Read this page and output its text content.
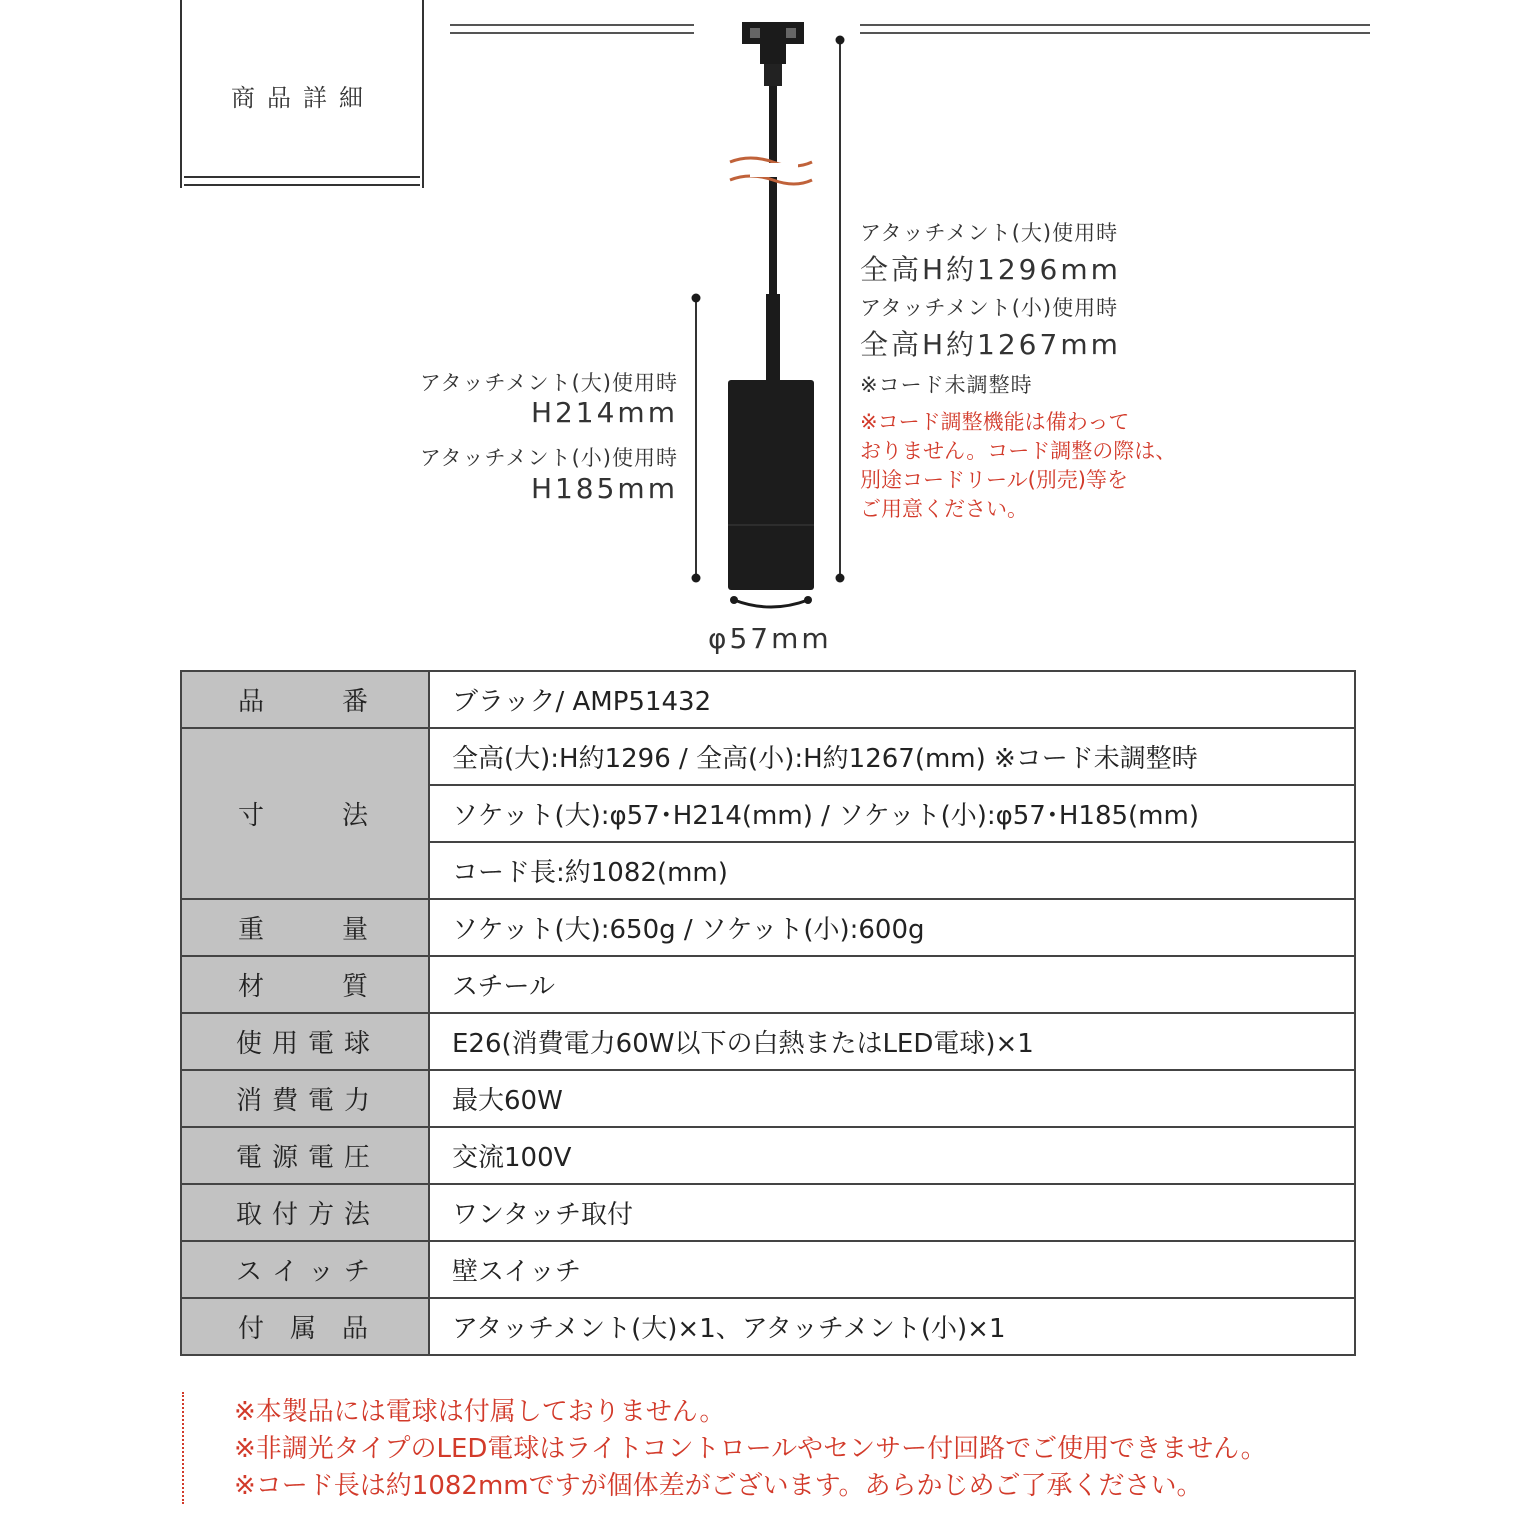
商品詳細
アタッチメント(大)使用時
全高H約1296mm
アタッチメント(小)使用時
全高H約1267mm
※コード未調整時
※コード調整機能は備わって
おりません。コード調整の際は、
別途コードリール(別売)等を
ご用意ください。
アタッチメント(大)使用時
H214mm
アタッチメント(小)使用時
H185mm
φ57mm
品 番	ブラック/ AMP51432

寸 法	全高(大):H約1296 / 全高(小):H約1267(mm) ※コード未調整時
	ソケット(大):φ57･H214(mm) / ソケット(小):φ57･H185(mm)
	コード長:約1082(mm)

重 量	ソケット(大):650g / ソケット(小):600g

材 質	スチール

使 用 電 球	E26(消費電力60W以下の白熱またはLED電球)×1

消 費 電 力	最大60W

電 源 電 圧	交流100V

取 付 方 法	ワンタッチ取付

ス イ ッ チ	壁スイッチ

付 属 品	アタッチメント(大)×1、アタッチメント(小)×1
※本製品には電球は付属しておりません。
※非調光タイプのLED電球はライトコントロールやセンサー付回路でご使用できません。
※コード長は約1082mmですが個体差がございます。あらかじめご了承ください。
